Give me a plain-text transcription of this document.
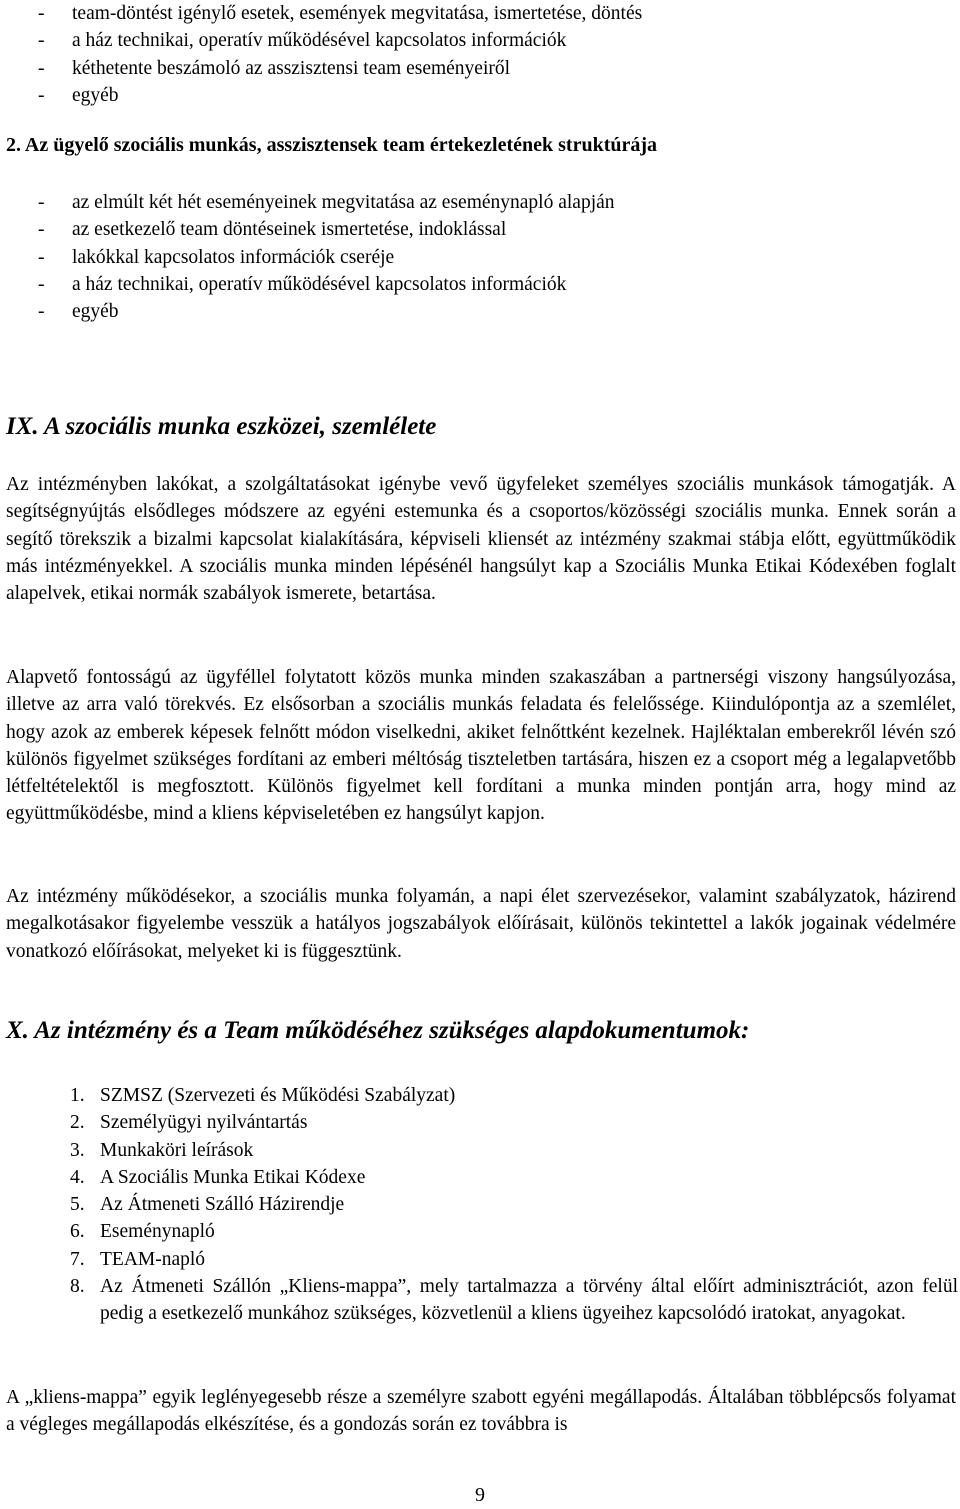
- team-döntést igénylő esetek, események megvitatása, ismertetése, döntés
- a ház technikai, operatív működésével kapcsolatos információk
- kéthetente beszámoló az asszisztensi team eseményeiről
- egyéb
2. Az ügyelő szociális munkás, asszisztensek team értekezletének struktúrája
- az elmúlt két hét eseményeinek megvitatása az eseménynapló alapján
- az esetkezelő team döntéseinek ismertetése, indoklással
- lakókkal kapcsolatos információk cseréje
- a ház technikai, operatív működésével kapcsolatos információk
- egyéb
IX. A szociális munka eszközei, szemlélete

Az intézményben lakókat, a szolgáltatásokat igénybe vevő ügyfeleket személyes szociális munkások támogatják. A segítségnyújtás elsődleges módszere az egyéni estemunka és a csoportos/közösségi szociális munka. Ennek során a segítő törekszik a bizalmi kapcsolat kialakítására, képviseli kliensét az intézmény szakmai stábja előtt, együttműködik más intézményekkel. A szociális munka minden lépésénél hangsúlyt kap a Szociális Munka Etikai Kódexében foglalt alapelvek, etikai normák szabályok ismerete, betartása.

Alapvető fontosságú az ügyféllel folytatott közös munka minden szakaszában a partnerségi viszony hangsúlyozása, illetve az arra való törekvés. Ez elsősorban a szociális munkás feladata és felelőssége. Kiindulópontja az a szemlélet, hogy azok az emberek képesek felnőtt módon viselkedni, akiket felnőttként kezelnek. Hajléktalan emberekről lévén szó különös figyelmet szükséges fordítani az emberi méltóság tiszteletben tartására, hiszen ez a csoport még a legalapvetőbb létfeltételektől is megfosztott. Különös figyelmet kell fordítani a munka minden pontján arra, hogy mind az együttműködésbe, mind a kliens képviseletében ez hangsúlyt kapjon.

Az intézmény működésekor, a szociális munka folyamán, a napi élet szervezésekor, valamint szabályzatok, házirend megalkotásakor figyelembe vesszük a hatályos jogszabályok előírásait, különös tekintettel a lakók jogainak védelmére vonatkozó előírásokat, melyeket ki is függesztünk.

X. Az intézmény és a Team működéséhez szükséges alapdokumentumok:
1. SZMSZ (Szervezeti és Működési Szabályzat)
2. Személyügyi nyilvántartás
3. Munkaköri leírások
4. A Szociális Munka Etikai Kódexe
5. Az Átmeneti Szálló Házirendje
6. Eseménynapló
7. TEAM-napló
8. Az Átmeneti Szállón „Kliens-mappa”, mely tartalmazza a törvény által előírt adminisztrációt, azon felül pedig a esetkezelő munkához szükséges, közvetlenül a kliens ügyeihez kapcsolódó iratokat, anyagokat.

A „kliens-mappa” egyik leglényegesebb része a személyre szabott egyéni megállapodás. Általában többlépcsős folyamat a végleges megállapodás elkészítése, és a gondozás során ez továbbra is

9
